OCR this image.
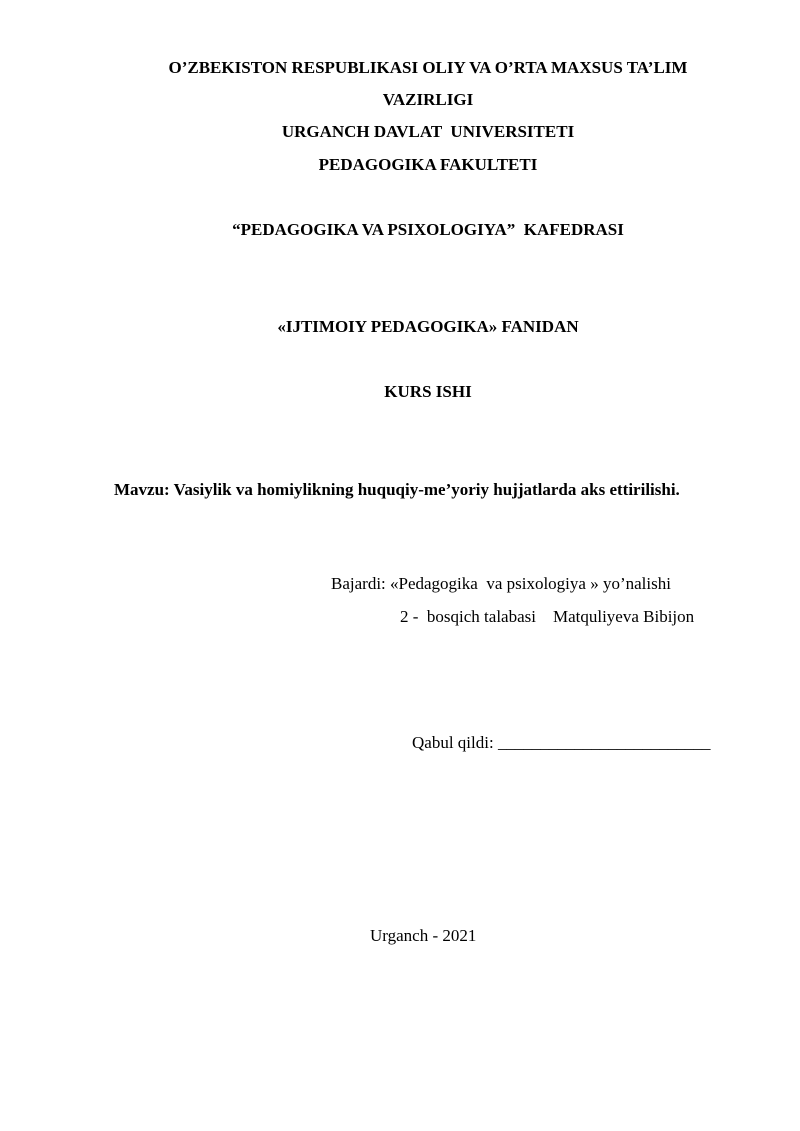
O’ZBEKISTON RESPUBLIKASI OLIY VA O’RTA MAXSUS TA’LIM
VAZIRLIGI
URGANCH DAVLAT  UNIVERSITETI
PEDAGOGIKA FAKULTETI
“PEDAGOGIKA VA PSIXOLOGIYA”  KAFEDRASI
«IJTIMOIY PEDAGOGIKA» FANIDAN
KURS ISHI
Mavzu: Vasiylik va homiylikning huquqiy-me’yoriy hujjatlarda aks ettirilishi.
Bajardi: «Pedagogika  va psixologiya » yo’nalishi
2 -  bosqich talabasi    Matquliyeva Bibijon
Qabul qildi: _________________________
Urganch - 2021
